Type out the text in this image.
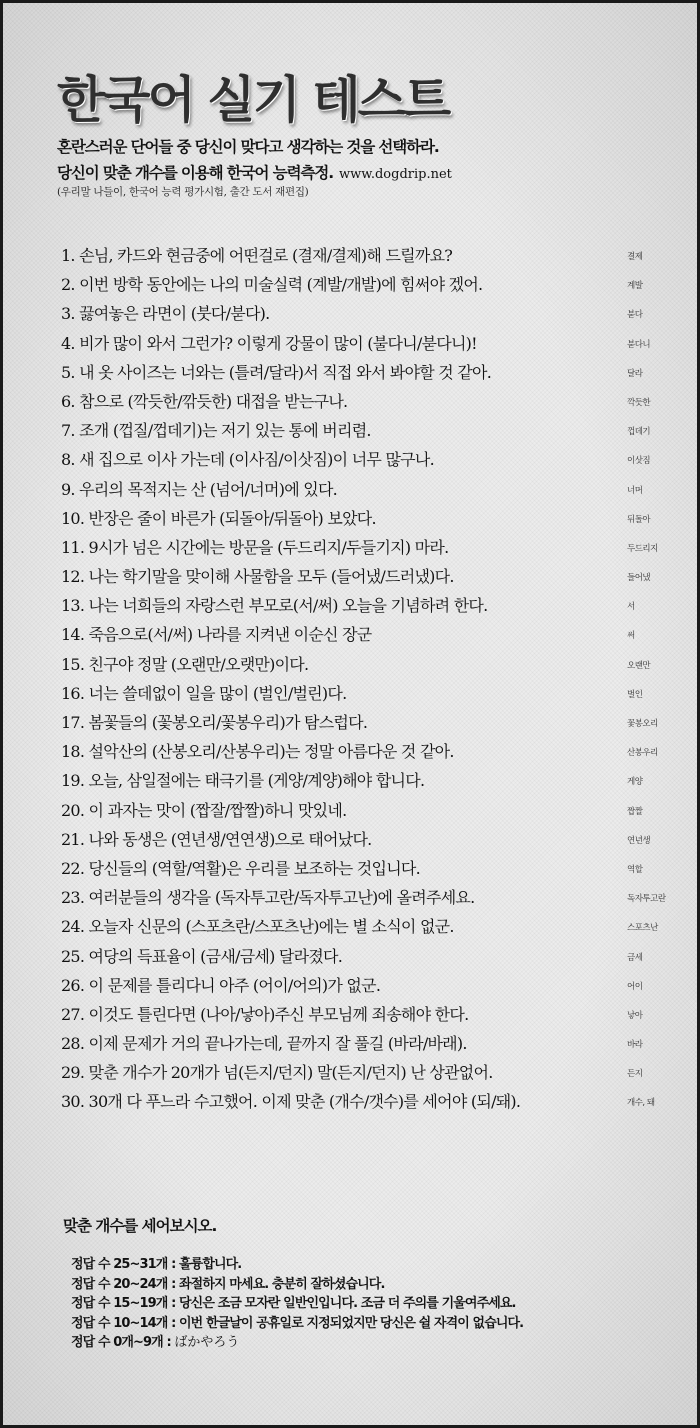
한국어 실기 테스트
혼란스러운 단어들 중 당신이 맞다고 생각하는 것을 선택하라.
당신이 맞춘 개수를 이용해 한국어 능력측정. www.dogdrip.net
(우리말 나들이, 한국어 능력 평가시험, 출간 도서 재편집)
1. 손님, 카드와 현금중에 어떤걸로 (결재/결제)해 드릴까요?	결제
2. 이번 방학 동안에는 나의 미술실력 (계발/개발)에 힘써야 겠어.	계발
3. 끓여놓은 라면이 (붓다/붇다).	붇다
4. 비가 많이 와서 그런가? 이렇게 강물이 많이 (불다니/붇다니)!	붇다니
5. 내 옷 사이즈는 너와는 (틀려/달라)서 직접 와서 봐야할 것 같아.	달라
6. 참으로 (깍듯한/깎듯한) 대접을 받는구나.	깍듯한
7. 조개 (껍질/껍데기)는 저기 있는 통에 버리렴.	껍데기
8. 새 집으로 이사 가는데 (이사짐/이삿짐)이 너무 많구나.	이삿짐
9. 우리의 목적지는 산 (넘어/너머)에 있다.	너머
10. 반장은 줄이 바른가 (되돌아/뒤돌아) 보았다.	뒤돌아
11. 9시가 넘은 시간에는 방문을 (두드리지/두들기지) 마라.	두드리지
12. 나는 학기말을 맞이해 사물함을 모두 (들어냈/드러냈)다.	들어냈
13. 나는 너희들의 자랑스런 부모로(서/써) 오늘을 기념하려 한다.	서
14. 죽음으로(서/써) 나라를 지켜낸 이순신 장군	써
15. 친구야 정말 (오랜만/오랫만)이다.	오랜만
16. 너는 쓸데없이 일을 많이 (벌인/벌린)다.	벌인
17. 봄꽃들의 (꽃봉오리/꽃봉우리)가 탐스럽다.	꽃봉오리
18. 설악산의 (산봉오리/산봉우리)는 정말 아름다운 것 같아.	산봉우리
19. 오늘, 삼일절에는 태극기를 (게양/계양)해야 합니다.	게양
20. 이 과자는 맛이 (짭잘/짭짤)하니 맛있네.	짭짤
21. 나와 동생은 (연년생/연연생)으로 태어났다.	연년생
22. 당신들의 (역할/역활)은 우리를 보조하는 것입니다.	역할
23. 여러분들의 생각을 (독자투고란/독자투고난)에 올려주세요.	독자투고란
24. 오늘자 신문의 (스포츠란/스포츠난)에는 별 소식이 없군.	스포츠난
25. 여당의 득표율이 (금새/금세) 달라졌다.	금세
26. 이 문제를 틀리다니 아주 (어이/어의)가 없군.	어이
27. 이것도 틀린다면 (나아/낳아)주신 부모님께 죄송해야 한다.	낳아
28. 이제 문제가 거의 끝나가는데, 끝까지 잘 풀길 (바라/바래).	바라
29. 맞춘 개수가 20개가 넘(든지/던지) 말(든지/던지) 난 상관없어.	든지
30. 30개 다 푸느라 수고했어. 이제 맞춘 (개수/갯수)를 세어야 (되/돼).	개수, 돼
맞춘 개수를 세어보시오.
정답 수 25~31개 : 훌륭합니다.
정답 수 20~24개 : 좌절하지 마세요. 충분히 잘하셨습니다.
정답 수 15~19개 : 당신은 조금 모자란 일반인입니다. 조금 더 주의를 기울여주세요.
정답 수 10~14개 : 이번 한글날이 공휴일로 지정되었지만 당신은 쉴 자격이 없습니다.
정답 수 0개~9개 : ばかやろう
